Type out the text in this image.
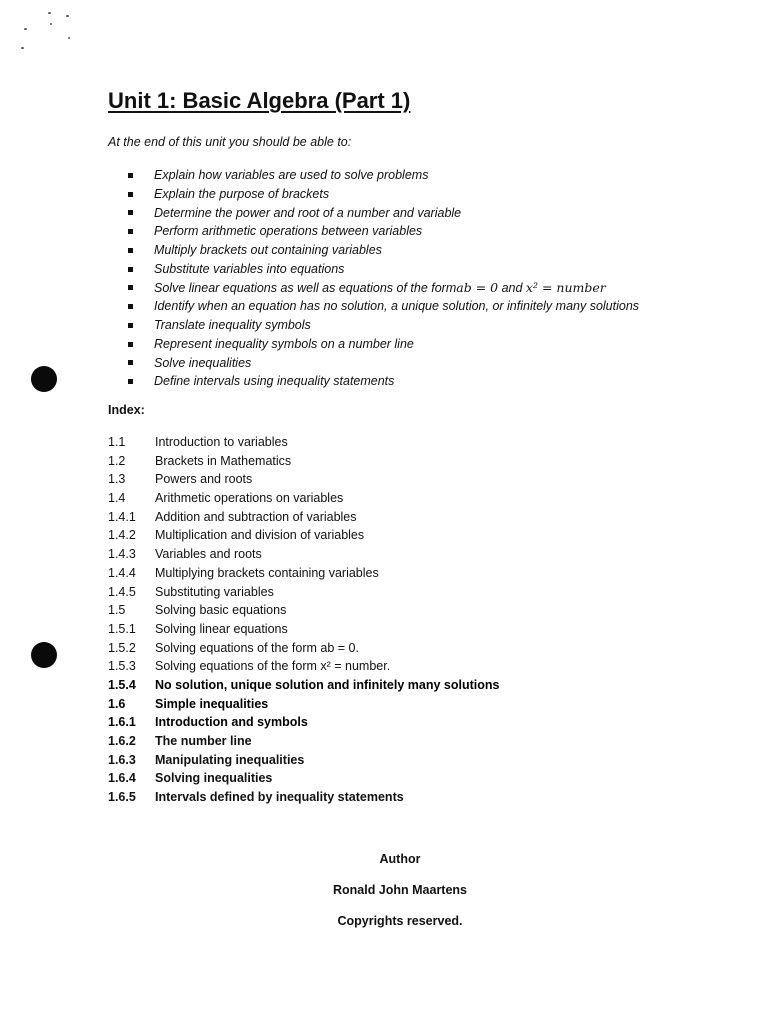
Unit 1: Basic Algebra (Part 1)
At the end of this unit you should be able to:
Explain how variables are used to solve problems
Explain the purpose of brackets
Determine the power and root of a number and variable
Perform arithmetic operations between variables
Multiply brackets out containing variables
Substitute variables into equations
Solve linear equations as well as equations of the form ab = 0 and x² = number
Identify when an equation has no solution, a unique solution, or infinitely many solutions
Translate inequality symbols
Represent inequality symbols on a number line
Solve inequalities
Define intervals using inequality statements
Index:
1.1 Introduction to variables
1.2 Brackets in Mathematics
1.3 Powers and roots
1.4 Arithmetic operations on variables
1.4.1 Addition and subtraction of variables
1.4.2 Multiplication and division of variables
1.4.3 Variables and roots
1.4.4 Multiplying brackets containing variables
1.4.5 Substituting variables
1.5 Solving basic equations
1.5.1 Solving linear equations
1.5.2 Solving equations of the form ab = 0.
1.5.3 Solving equations of the form x² = number.
1.5.4 No solution, unique solution and infinitely many solutions
1.6 Simple inequalities
1.6.1 Introduction and symbols
1.6.2 The number line
1.6.3 Manipulating inequalities
1.6.4 Solving inequalities
1.6.5 Intervals defined by inequality statements
Author
Ronald John Maartens
Copyrights reserved.
